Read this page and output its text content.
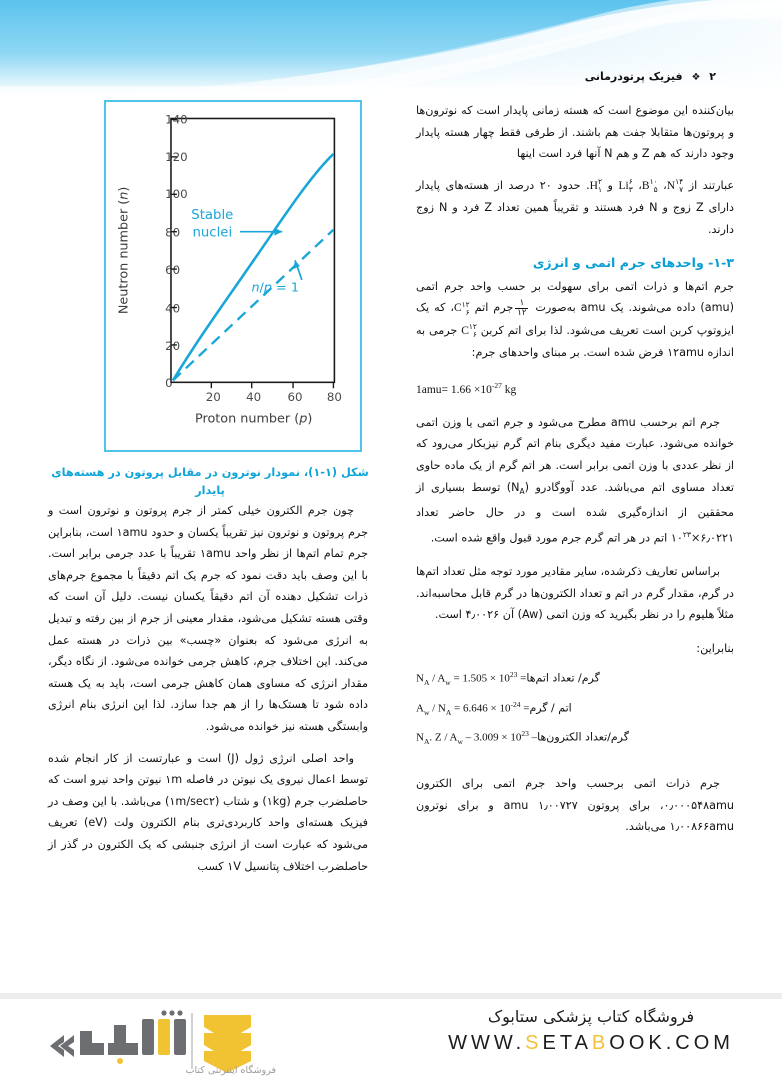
۲ ❖ فیزیک پرتودرمانی
140
120
100
80
60
40
20
0
20 40 60 80
Proton number (p)
Neutron number (n)
Stable
nuclei
n/p = 1
شکل (۱-۱)، نمودار نوترون در مقابل پروتون در هسته‌های پایدار

چون جرم الکترون خیلی کمتر از جرم پروتون و نوترون است و جرم پروتون و نوترون نیز تقریباً یکسان و حدود ۱amu است، بنابراین جرم تمام اتم‌ها از نظر واحد ۱amu تقریباً با عدد جرمی برابر است. با این وصف باید دقت نمود که جرم یک اتم دقیقاً با مجموع جرم‌های ذرات تشکیل دهنده آن اتم دقیقاً یکسان نیست. دلیل آن است که وقتی هسته تشکیل می‌شود، مقدار معینی از جرم از بین رفته و تبدیل به انرژی می‌شود که بعنوان «چسب» بین ذرات در هسته عمل می‌کند. این اختلاف جرم، کاهش جرمی خوانده می‌شود. از نگاه دیگر، مقدار انرژی که مساوی همان کاهش جرمی است، باید به یک هسته داده شود تا هستک‌ها را از هم جدا سازد. لذا این انرژی بنام انرژی وابستگی هسته نیز خوانده می‌شود.

واحد اصلی انرژی ژول (J) است و عبارتست از کار انجام شده توسط اعمال نیروی یک نیوتن در فاصله ۱m نیوتن واحد نیرو است که حاصلضرب جرم (۱kg) و شتاب (۱m/sec۲) می‌باشد. با این وصف در فیزیک هسته‌ای واحد کاربردی‌تری بنام الکترون ولت (eV) تعریف می‌شود که عبارت است از انرژی جنبشی که یک الکترون در گذر از حاصلضرب اختلاف پتانسیل ۱V کسب

بیان‌کننده این موضوع است که هسته زمانی پایدار است که نوترون‌ها و پروتون‌ها متقابلا جفت هم باشند. از طرفی فقط چهار هسته پایدار وجود دارند که هم Z و هم N آنها فرد است اینها

عبارتند از
۱۴
۷
N،
۱۰
۵
B،
۶
۳
Li و
۲
۱
H. حدود ۲۰ درصد از هسته‌های پایدار دارای Z زوج و N فرد هستند و تقریباً همین تعداد Z فرد و N زوج دارند.

۱-۳- واحدهای جرم اتمی و انرژی

جرم اتم‌ها و ذرات اتمی برای سهولت بر حسب واحد جرم اتمی (amu) داده می‌شوند. یک amu به‌صورت
$\frac{۱}{۱۲}$
جرم اتم
۱۲
۶
C، که یک ایزوتوپ کربن است تعریف می‌شود. لذا برای اتم کربن
۱۲
۶
C جرمی به اندازه ۱۲amu فرض شده است. بر مبنای واحدهای جرم:

$1amu= 1.66 \times 10^{-27}$ kg

جرم اتم برحسب amu مطرح می‌شود و جرم اتمی یا وزن اتمی خوانده می‌شود. عبارت مفید دیگری بنام اتم گرم نیزبکار می‌رود که از نظر عددی با وزن اتمی برابر است. هر اتم گرم از یک ماده حاوی تعداد مساوی اتم می‌باشد. عدد آووگادرو $(N_A)$ توسط بسیاری از محققین از اندازه‌گیری شده است و در حال حاضر تعداد $۶٫۰۲۲۱\times ۱۰^{۲۳}$ اتم در هر اتم گرم جرم مورد قبول واقع شده است.

براساس تعاریف ذکرشده، سایر مقادیر مورد توجه مثل تعداد اتم‌ها در گرم، مقدار گرم در اتم و تعداد الکترون‌ها در گرم قابل محاسبه‌اند. مثلاً هلیوم را در نظر بگیرید که وزن اتمی (Aw) آن ۴٫۰۰۲۶ است.

بنابراین:

گرم/ تعداد اتم‌ها= $N_A / A_w = 1.505 \times 10^{23}$
اتم / گرم= $A_w / N_A = 6.646 \times 10^{-24}$
گرم/تعداد الکترون‌ها– $N_A$. $Z / A_w - 3.009 \times 10^{23}$

جرم ذرات اتمی برحسب واحد جرم اتمی برای الکترون ۰٫۰۰۰۵۴۸amu، برای پروتون ۱٫۰۰۷۲۷ amu و برای نوترون ۱٫۰۰۸۶۶amu می‌باشد.

فروشگاه اینترنتی کتاب
فروشگاه کتاب پزشکی ستابوک
WWW.SETABOOK.COM
